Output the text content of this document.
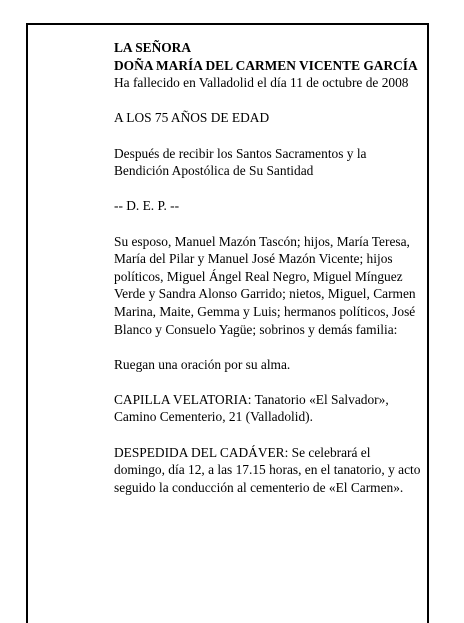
LA SEÑORA
DOÑA MARÍA DEL CARMEN VICENTE GARCÍA

Ha fallecido en Valladolid el día 11 de octubre de 2008

A LOS 75 AÑOS DE EDAD

Después de recibir los Santos Sacramentos y la Bendición Apostólica de Su Santidad

-- D. E. P. --

Su esposo, Manuel Mazón Tascón; hijos, María Teresa, María del Pilar y Manuel José Mazón Vicente; hijos políticos, Miguel Ángel Real Negro, Miguel Mínguez Verde y Sandra Alonso Garrido; nietos, Miguel, Carmen Marina, Maite, Gemma y Luis; hermanos políticos, José Blanco y Consuelo Yagüe; sobrinos y demás familia:

Ruegan una oración por su alma.

CAPILLA VELATORIA: Tanatorio «El Salvador», Camino Cementerio, 21 (Valladolid).

DESPEDIDA DEL CADÁVER: Se celebrará el domingo, día 12, a las 17.15 horas, en el tanatorio, y acto seguido la conducción al cementerio de «El Carmen».
